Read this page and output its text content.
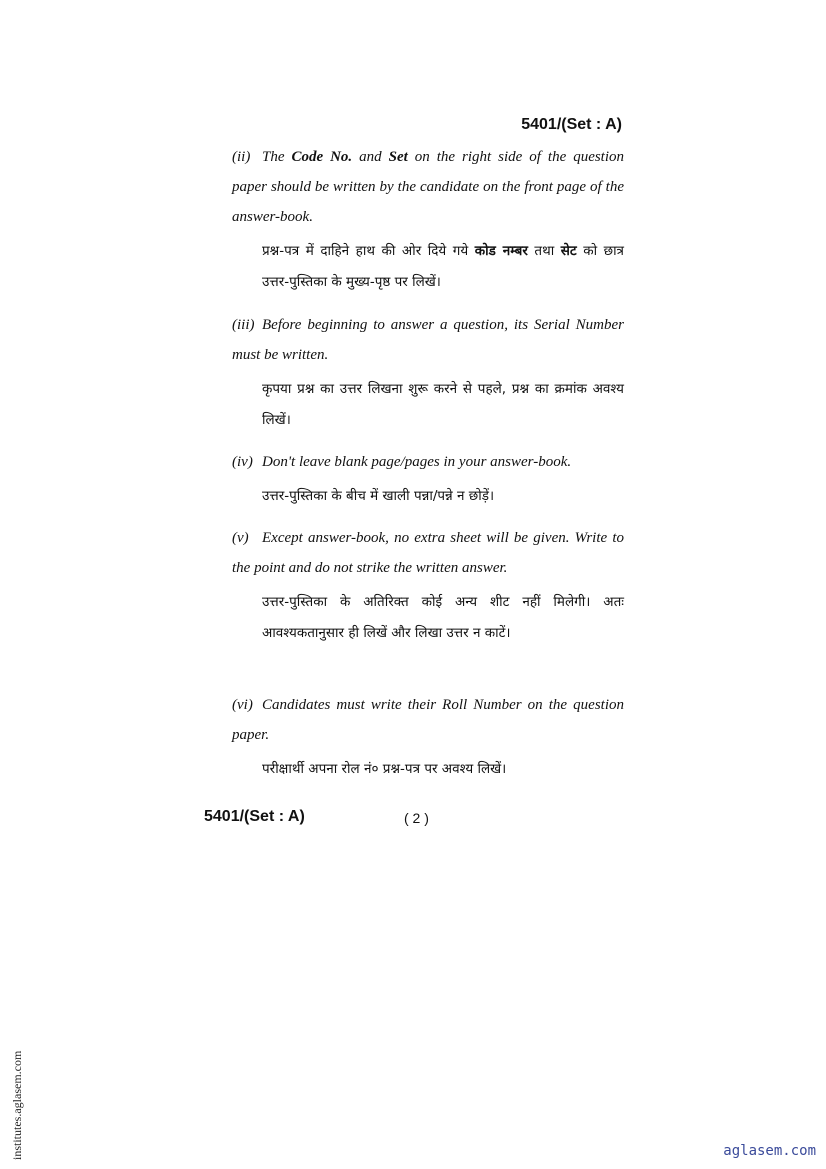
5401/(Set : A)

(ii) The Code No. and Set on the right side of the question paper should be written by the candidate on the front page of the answer-book.

प्रश्न-पत्र में दाहिने हाथ की ओर दिये गये कोड नम्बर तथा सेट को छात्र उत्तर-पुस्तिका के मुख्य-पृष्ठ पर लिखें।

(iii) Before beginning to answer a question, its Serial Number must be written.

कृपया प्रश्न का उत्तर लिखना शुरू करने से पहले, प्रश्न का क्रमांक अवश्य लिखें।

(iv) Don't leave blank page/pages in your answer-book.

उत्तर-पुस्तिका के बीच में खाली पन्ना/पन्ने न छोड़ें।

(v) Except answer-book, no extra sheet will be given. Write to the point and do not strike the written answer.

उत्तर-पुस्तिका के अतिरिक्त कोई अन्य शीट नहीं मिलेगी। अतः आवश्यकतानुसार ही लिखें और लिखा उत्तर न काटें।

(vi) Candidates must write their Roll Number on the question paper.

परीक्षार्थी अपना रोल नं० प्रश्न-पत्र पर अवश्य लिखें।

5401/(Set : A)	( 2 )
institutes.aglasem.com	aglasem.com
